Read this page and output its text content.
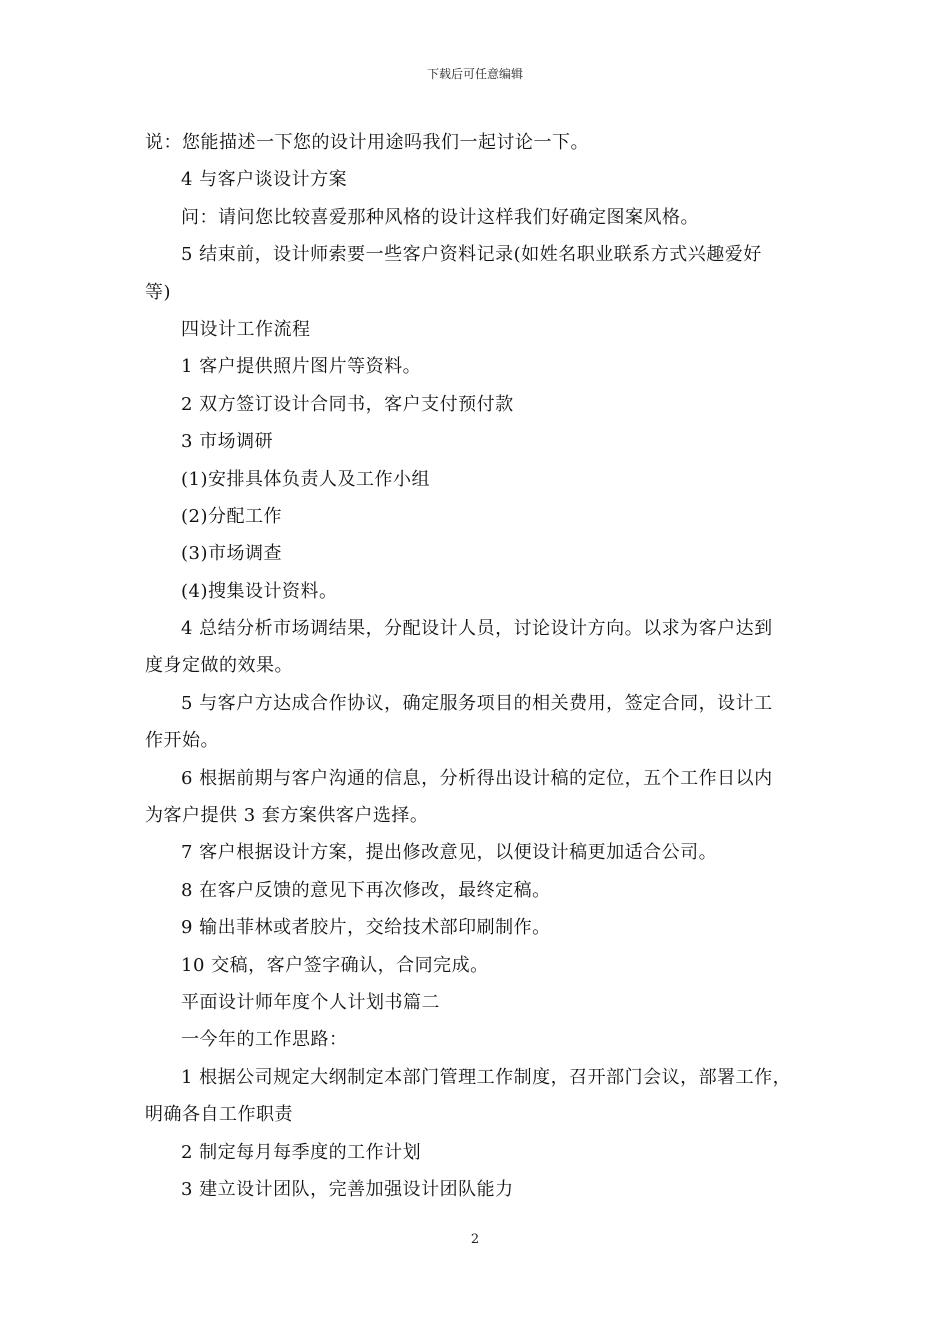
下载后可任意编辑
说：您能描述一下您的设计用途吗我们一起讨论一下。
4 与客户谈设计方案
问：请问您比较喜爱那种风格的设计这样我们好确定图案风格。
5 结束前，设计师索要一些客户资料记录(如姓名职业联系方式兴趣爱好
等)
四设计工作流程
1 客户提供照片图片等资料。
2 双方签订设计合同书，客户支付预付款
3 市场调研
(1)安排具体负责人及工作小组
(2)分配工作
(3)市场调查
(4)搜集设计资料。
4 总结分析市场调结果，分配设计人员，讨论设计方向。以求为客户达到
度身定做的效果。
5 与客户方达成合作协议，确定服务项目的相关费用，签定合同，设计工
作开始。
6 根据前期与客户沟通的信息，分析得出设计稿的定位，五个工作日以内
为客户提供 3 套方案供客户选择。
7 客户根据设计方案，提出修改意见，以便设计稿更加适合公司。
8 在客户反馈的意见下再次修改，最终定稿。
9 输出菲林或者胶片，交给技术部印刷制作。
10 交稿，客户签字确认，合同完成。
平面设计师年度个人计划书篇二
一今年的工作思路：
1 根据公司规定大纲制定本部门管理工作制度，召开部门会议，部署工作，
明确各自工作职责
2 制定每月每季度的工作计划
3 建立设计团队，完善加强设计团队能力
2
